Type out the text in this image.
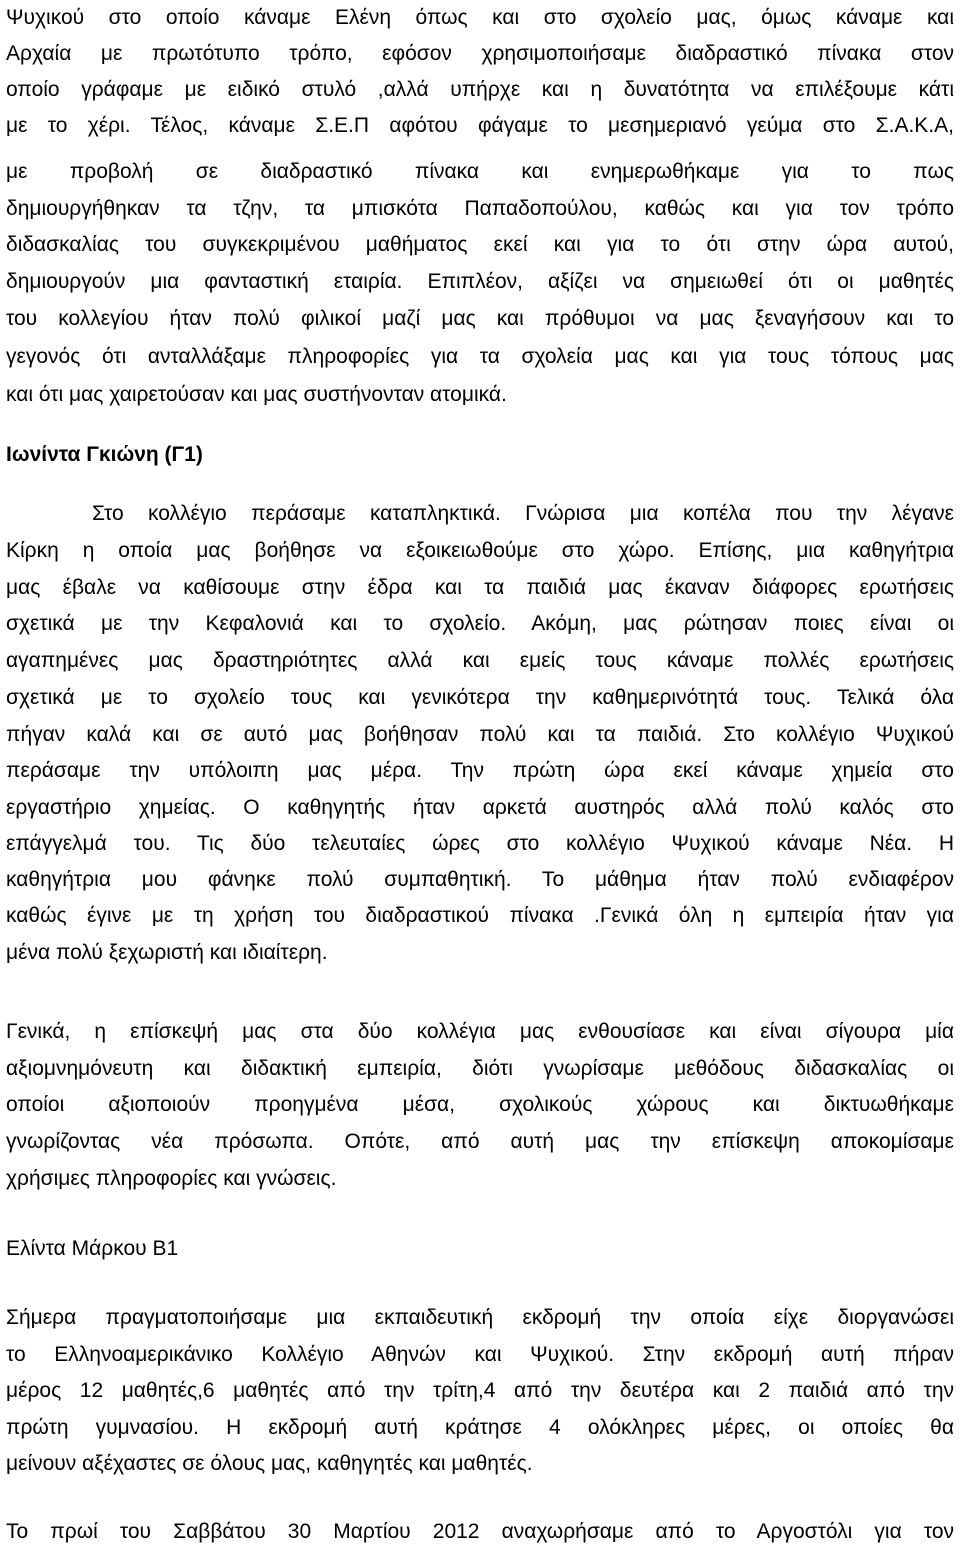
Ψυχικού στο οποίο κάναμε Ελένη όπως και στο σχολείο μας, όμως κάναμε και
Αρχαία με πρωτότυπο τρόπο, εφόσον χρησιμοποιήσαμε διαδραστικό πίνακα στον
οποίο γράφαμε με ειδικό στυλό ,αλλά υπήρχε και η δυνατότητα να επιλέξουμε κάτι
με το χέρι. Τέλος, κάναμε Σ.Ε.Π αφότου φάγαμε το μεσημεριανό γεύμα στο Σ.Α.Κ.Α,
με προβολή σε διαδραστικό πίνακα και ενημερωθήκαμε για το πως
δημιουργήθηκαν τα τζην, τα μπισκότα Παπαδοπούλου, καθώς και για τον τρόπο
διδασκαλίας του συγκεκριμένου μαθήματος εκεί και για το ότι στην ώρα αυτού,
δημιουργούν μια φανταστική εταιρία. Επιπλέον, αξίζει να σημειωθεί ότι οι μαθητές
του κολλεγίου ήταν πολύ φιλικοί μαζί μας και πρόθυμοι να μας ξεναγήσουν και το
γεγονός ότι ανταλλάξαμε πληροφορίες για τα σχολεία μας και για τους τόπους μας
και ότι μας χαιρετούσαν και μας συστήνονταν ατομικά.
Ιωνίντα Γκιώνη (Γ1)
Στο κολλέγιο περάσαμε καταπληκτικά. Γνώρισα μια κοπέλα που την λέγανε
Κίρκη η οποία μας βοήθησε να εξοικειωθούμε στο χώρο. Επίσης, μια καθηγήτρια
μας έβαλε να καθίσουμε στην έδρα και τα παιδιά μας έκαναν διάφορες ερωτήσεις
σχετικά με την Κεφαλονιά και το σχολείο. Ακόμη, μας ρώτησαν ποιες είναι οι
αγαπημένες μας δραστηριότητες αλλά και εμείς τους κάναμε πολλές ερωτήσεις
σχετικά με το σχολείο τους και γενικότερα την καθημερινότητά τους. Τελικά όλα
πήγαν καλά και σε αυτό μας βοήθησαν πολύ και τα παιδιά. Στο κολλέγιο Ψυχικού
περάσαμε την υπόλοιπη μας μέρα. Την πρώτη ώρα εκεί κάναμε χημεία στο
εργαστήριο χημείας. Ο καθηγητής ήταν αρκετά αυστηρός αλλά πολύ καλός στο
επάγγελμά του. Τις δύο τελευταίες ώρες στο κολλέγιο Ψυχικού κάναμε Νέα. Η
καθηγήτρια μου φάνηκε πολύ συμπαθητική. Το μάθημα ήταν πολύ ενδιαφέρον
καθώς έγινε με τη χρήση του διαδραστικού πίνακα .Γενικά όλη η εμπειρία ήταν για
μένα πολύ ξεχωριστή και ιδιαίτερη.
Γενικά, η επίσκεψή μας στα δύο κολλέγια μας ενθουσίασε και είναι σίγουρα μία
αξιομνημόνευτη και διδακτική εμπειρία, διότι γνωρίσαμε μεθόδους διδασκαλίας οι
οποίοι αξιοποιούν προηγμένα μέσα, σχολικούς χώρους και δικτυωθήκαμε
γνωρίζοντας νέα πρόσωπα. Οπότε, από αυτή μας την επίσκεψη αποκομίσαμε
χρήσιμες πληροφορίες και γνώσεις.
Ελίντα Μάρκου Β1
Σήμερα πραγματοποιήσαμε μια εκπαιδευτική εκδρομή την οποία είχε διοργανώσει
το Ελληνοαμερικάνικο Κολλέγιο Αθηνών και Ψυχικού. Στην εκδρομή αυτή πήραν
μέρος 12 μαθητές,6 μαθητές από την τρίτη,4 από την δευτέρα και 2 παιδιά από την
πρώτη γυμνασίου. Η εκδρομή αυτή κράτησε 4 ολόκληρες μέρες, οι οποίες θα
μείνουν αξέχαστες σε όλους μας, καθηγητές και μαθητές.
Το πρωί του Σαββάτου 30 Μαρτίου 2012 αναχωρήσαμε από το Αργοστόλι για τον
